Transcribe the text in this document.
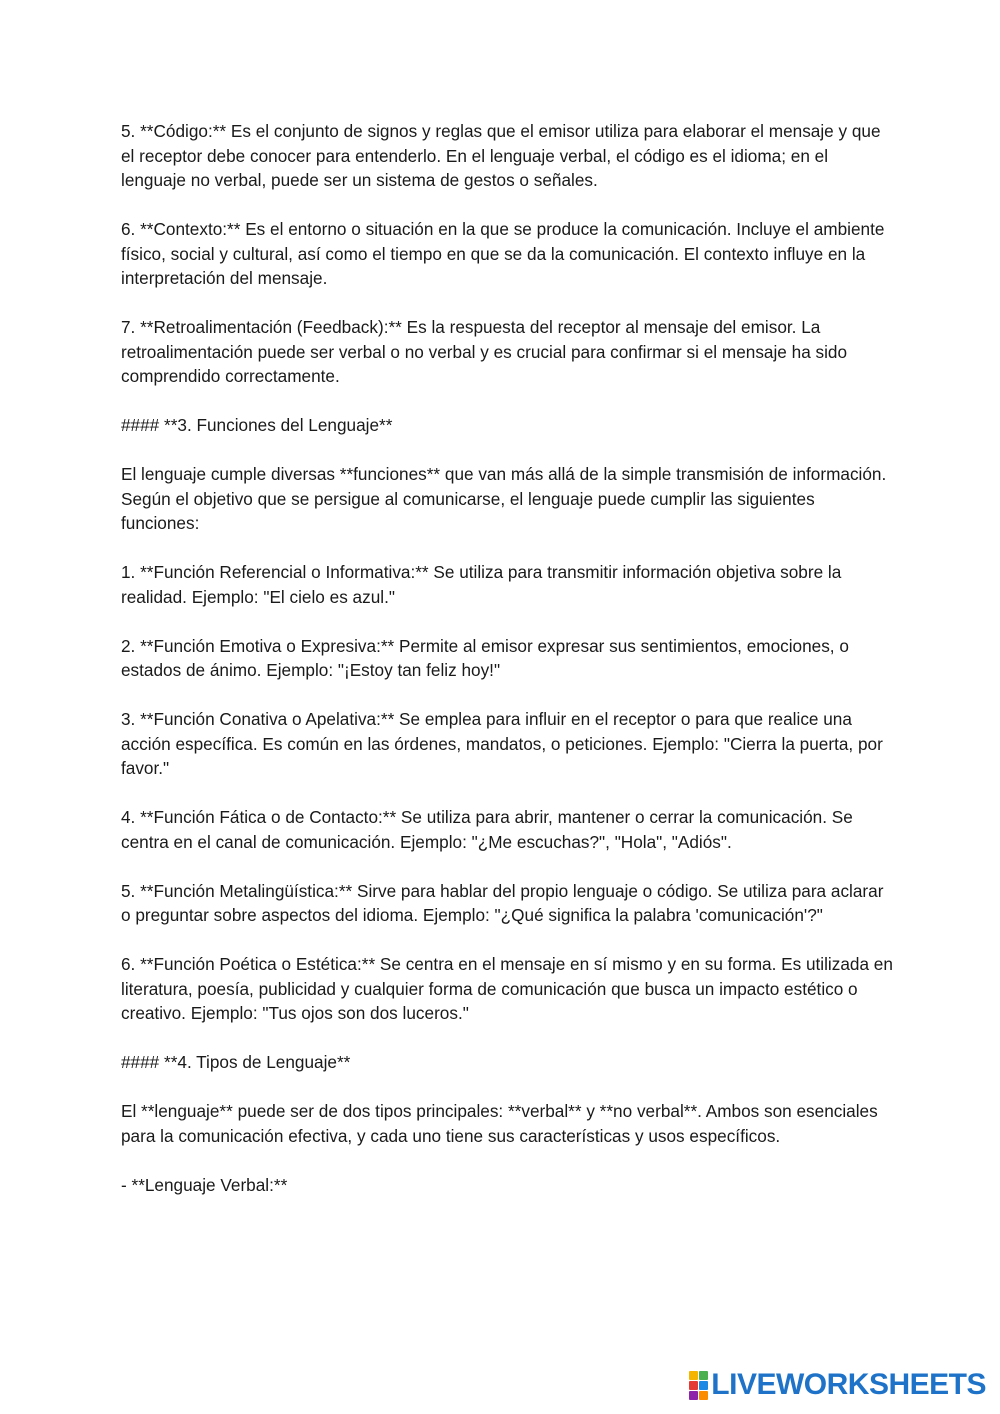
5. **Código:** Es el conjunto de signos y reglas que el emisor utiliza para elaborar el mensaje y que el receptor debe conocer para entenderlo. En el lenguaje verbal, el código es el idioma; en el lenguaje no verbal, puede ser un sistema de gestos o señales.

6. **Contexto:** Es el entorno o situación en la que se produce la comunicación. Incluye el ambiente físico, social y cultural, así como el tiempo en que se da la comunicación. El contexto influye en la interpretación del mensaje.

7. **Retroalimentación (Feedback):** Es la respuesta del receptor al mensaje del emisor. La retroalimentación puede ser verbal o no verbal y es crucial para confirmar si el mensaje ha sido comprendido correctamente.

#### **3. Funciones del Lenguaje**

El lenguaje cumple diversas **funciones** que van más allá de la simple transmisión de información. Según el objetivo que se persigue al comunicarse, el lenguaje puede cumplir las siguientes funciones:

1. **Función Referencial o Informativa:** Se utiliza para transmitir información objetiva sobre la realidad. Ejemplo: "El cielo es azul."

2. **Función Emotiva o Expresiva:** Permite al emisor expresar sus sentimientos, emociones, o estados de ánimo. Ejemplo: "¡Estoy tan feliz hoy!"

3. **Función Conativa o Apelativa:** Se emplea para influir en el receptor o para que realice una acción específica. Es común en las órdenes, mandatos, o peticiones. Ejemplo: "Cierra la puerta, por favor."

4. **Función Fática o de Contacto:** Se utiliza para abrir, mantener o cerrar la comunicación. Se centra en el canal de comunicación. Ejemplo: "¿Me escuchas?", "Hola", "Adiós".

5. **Función Metalingüística:** Sirve para hablar del propio lenguaje o código. Se utiliza para aclarar o preguntar sobre aspectos del idioma. Ejemplo: "¿Qué significa la palabra 'comunicación'?"

6. **Función Poética o Estética:** Se centra en el mensaje en sí mismo y en su forma. Es utilizada en literatura, poesía, publicidad y cualquier forma de comunicación que busca un impacto estético o creativo. Ejemplo: "Tus ojos son dos luceros."

#### **4. Tipos de Lenguaje**

El **lenguaje** puede ser de dos tipos principales: **verbal** y **no verbal**. Ambos son esenciales para la comunicación efectiva, y cada uno tiene sus características y usos específicos.

- **Lenguaje Verbal:**

LIVEWORKSHEETS
